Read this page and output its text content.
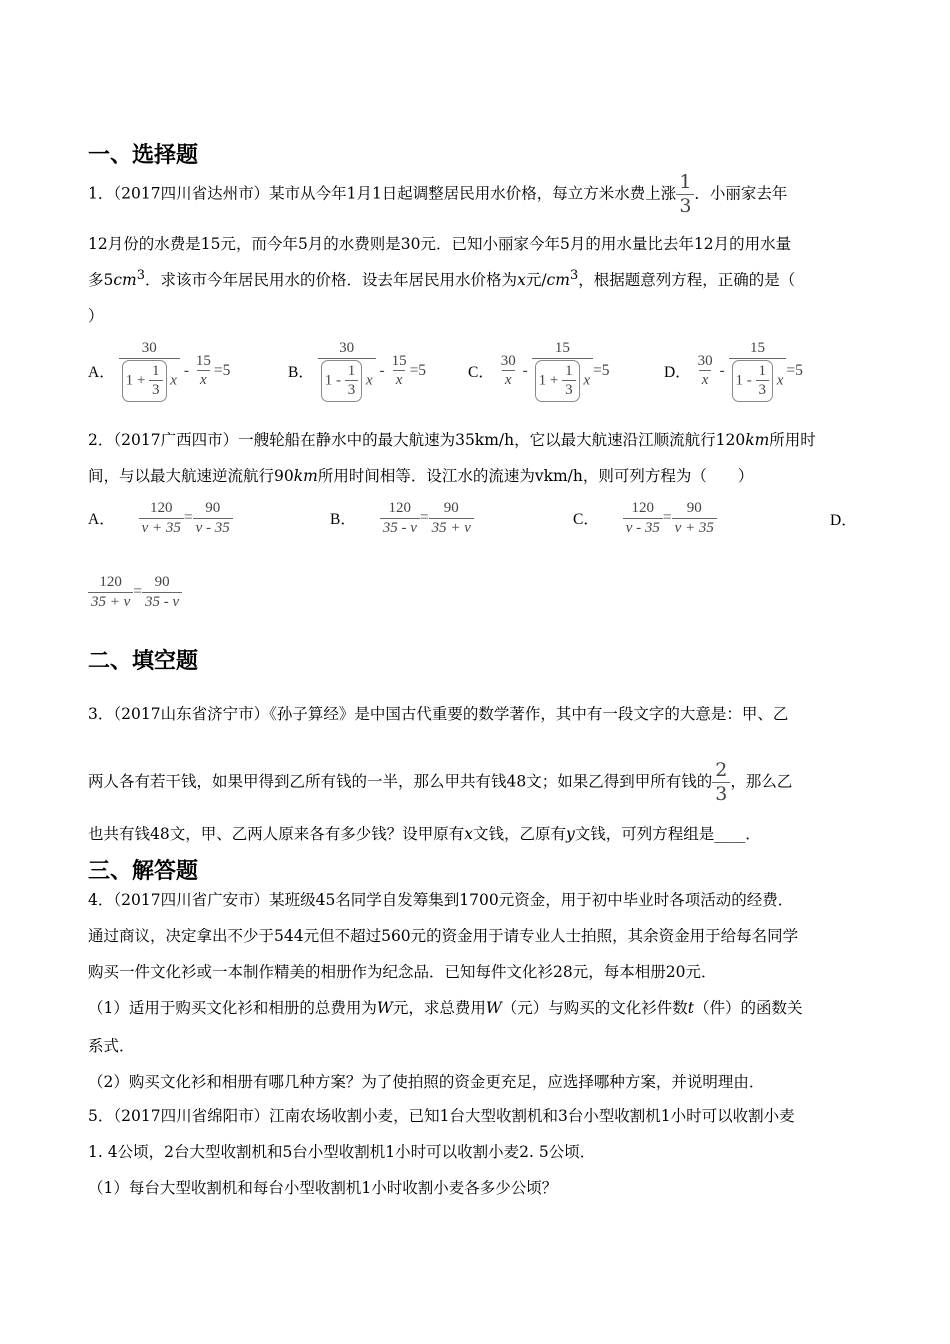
一、选择题
1．（2017四川省达州市）某市从今年1月1日起调整居民用水价格，每立方米水费上涨 $\frac{1}{3}$ ．小丽家去年
12月份的水费是15元，而今年5月的水费则是30元．已知小丽家今年5月的用水量比去年12月的用水量
多$5cm^3$．求该市今年居民用水的价格．设去年居民用水价格为x元$/cm^3$，根据题意列方程，正确的是（
）
A． $\frac{30}{1 + \frac{1}{3} x} - \frac{15}{x} =5$	B． $\frac{30}{1 - \frac{1}{3} x} - \frac{15}{x} =5$	C． $\frac{30}{x} - \frac{15}{1 + \frac{1}{3} x} =5$	D． $\frac{30}{x} - \frac{15}{1 - \frac{1}{3} x} =5$
2．（2017广西四市）一艘轮船在静水中的最大航速为35km/h，它以最大航速沿江顺流航行120km所用时
间，与以最大航速逆流航行90km所用时间相等．设江水的流速为vkm/h，则可列方程为（　　）
A． $\frac{120}{v + 35} = \frac{90}{v - 35}$	B． $\frac{120}{35 - v} = \frac{90}{35 + v}$	C． $\frac{120}{v - 35} = \frac{90}{v + 35}$	D．
$\frac{120}{35 + v} = \frac{90}{35 - v}$
二、填空题
3．（2017山东省济宁市）《孙子算经》是中国古代重要的数学著作，其中有一段文字的大意是：甲、乙
两人各有若干钱，如果甲得到乙所有钱的一半，那么甲共有钱48文；如果乙得到甲所有钱的 $\frac{2}{3}$ ，那么乙
也共有钱48文，甲、乙两人原来各有多少钱？设甲原有x文钱，乙原有y文钱，可列方程组是____．
三、解答题
4．（2017四川省广安市）某班级45名同学自发筹集到1700元资金，用于初中毕业时各项活动的经费．
通过商议，决定拿出不少于544元但不超过560元的资金用于请专业人士拍照，其余资金用于给每名同学
购买一件文化衫或一本制作精美的相册作为纪念品．已知每件文化衫28元，每本相册20元．
（1）适用于购买文化衫和相册的总费用为W元，求总费用W（元）与购买的文化衫件数t（件）的函数关
系式．
（2）购买文化衫和相册有哪几种方案？为了使拍照的资金更充足，应选择哪种方案，并说明理由．
5．（2017四川省绵阳市）江南农场收割小麦，已知1台大型收割机和3台小型收割机1小时可以收割小麦
1. 4公顷，2台大型收割机和5台小型收割机1小时可以收割小麦2. 5公顷．
（1）每台大型收割机和每台小型收割机1小时收割小麦各多少公顷？
